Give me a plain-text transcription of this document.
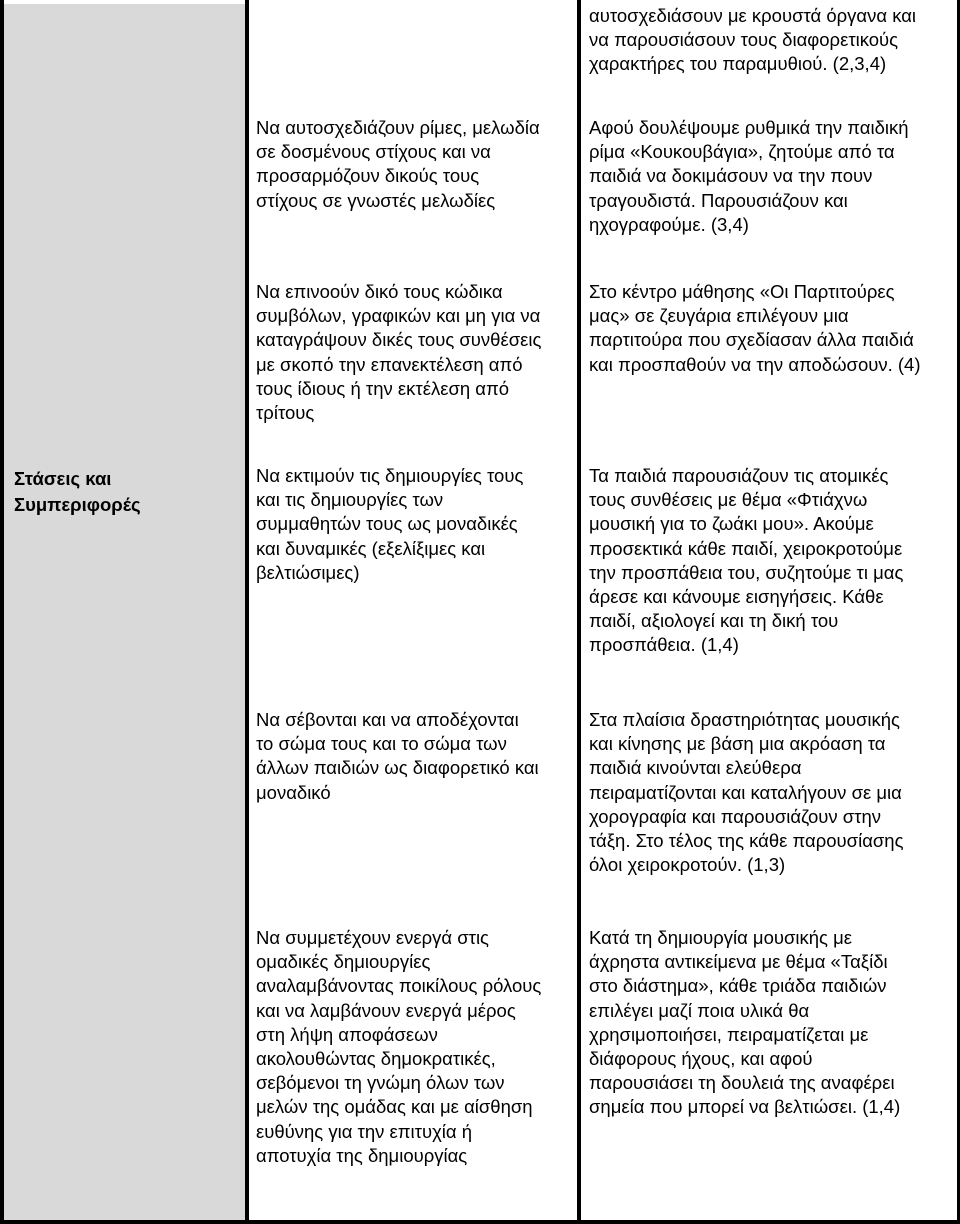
Στάσεις και
Συμπεριφορές

αυτοσχεδιάσουν με κρουστά όργανα και
να παρουσιάσουν τους διαφορετικούς
χαρακτήρες του παραμυθιού. (2,3,4)

Να αυτοσχεδιάζουν ρίμες, μελωδία
σε δοσμένους στίχους και να
προσαρμόζουν δικούς τους
στίχους σε γνωστές μελωδίες

Αφού δουλέψουμε ρυθμικά την παιδική
ρίμα «Κουκουβάγια», ζητούμε από τα
παιδιά να δοκιμάσουν να την πουν
τραγουδιστά. Παρουσιάζουν και
ηχογραφούμε. (3,4)

Να επινοούν δικό τους κώδικα
συμβόλων, γραφικών και μη για να
καταγράψουν δικές τους συνθέσεις
με σκοπό την επανεκτέλεση από
τους ίδιους ή την εκτέλεση από
τρίτους

Στο κέντρο μάθησης «Οι Παρτιτούρες
μας» σε ζευγάρια επιλέγουν μια
παρτιτούρα που σχεδίασαν άλλα παιδιά
και προσπαθούν να την αποδώσουν. (4)

Να εκτιμούν τις δημιουργίες τους
και τις δημιουργίες των
συμμαθητών τους ως μοναδικές
και δυναμικές (εξελίξιμες και
βελτιώσιμες)

Τα παιδιά παρουσιάζουν τις ατομικές
τους συνθέσεις με θέμα «Φτιάχνω
μουσική για το ζωάκι μου». Ακούμε
προσεκτικά κάθε παιδί, χειροκροτούμε
την προσπάθεια του, συζητούμε τι μας
άρεσε και κάνουμε εισηγήσεις. Κάθε
παιδί, αξιολογεί και τη δική του
προσπάθεια. (1,4)

Να σέβονται και να αποδέχονται
το σώμα τους και το σώμα των
άλλων παιδιών ως διαφορετικό και
μοναδικό

Στα πλαίσια δραστηριότητας μουσικής
και κίνησης με βάση μια ακρόαση τα
παιδιά κινούνται ελεύθερα
πειραματίζονται και καταλήγουν σε μια
χορογραφία και παρουσιάζουν στην
τάξη. Στο τέλος της κάθε παρουσίασης
όλοι χειροκροτούν. (1,3)

Να συμμετέχουν ενεργά στις
ομαδικές δημιουργίες
αναλαμβάνοντας ποικίλους ρόλους
και να λαμβάνουν ενεργά μέρος
στη λήψη αποφάσεων
ακολουθώντας δημοκρατικές,
σεβόμενοι τη γνώμη όλων των
μελών της ομάδας και με αίσθηση
ευθύνης για την επιτυχία ή
αποτυχία της δημιουργίας

Κατά τη δημιουργία μουσικής με
άχρηστα αντικείμενα με θέμα «Ταξίδι
στο διάστημα», κάθε τριάδα παιδιών
επιλέγει μαζί ποια υλικά θα
χρησιμοποιήσει, πειραματίζεται με
διάφορους ήχους, και αφού
παρουσιάσει τη δουλειά της αναφέρει
σημεία που μπορεί να βελτιώσει. (1,4)
